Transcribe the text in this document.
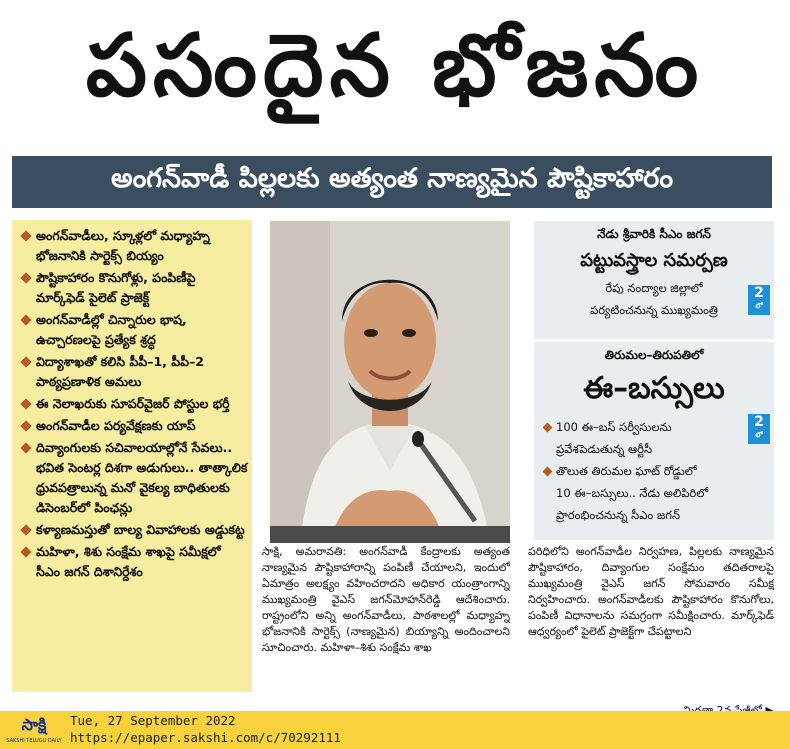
పసందైన భోజనం
అంగన్‌వాడీ పిల్లలకు అత్యంత నాణ్యమైన పౌష్టికాహారం
అంగన్‌వాడీలు, స్కూళ్లలో మధ్యాహ్న భోజనానికి సార్టెక్స్‌ బియ్యం
పౌష్టికాహారం కొనుగోళ్లు, పంపిణీపై మార్క్‌ఫెడ్‌ పైలెట్‌ ప్రాజెక్ట్‌
అంగన్‌వాడీల్లో చిన్నారుల భాష, ఉచ్చారణలపై ప్రత్యేక శ్రద్ధ
విద్యాశాఖతో కలిసి పీపీ–1, పీపీ–2 పాఠ్యప్రణాళిక అమలు
ఈ నెలాఖరుకు సూపర్‌వైజర్‌ పోస్టుల భర్తీ
అంగన్‌వాడీల పర్యవేక్షణకు యాప్‌
దివ్యాంగులకు సచివాలయాల్లోనే సేవలు.. భవిత సెంటర్ల దిశగా అడుగులు.. తాత్కాలిక ధ్రువపత్రాలున్న మనో వైకల్య బాధితులకు డిసెంబర్‌లో పింఛన్లు
కళ్యాణమస్తుతో బాల్య వివాహాలకు అడ్డుకట్ట
మహిళా, శిశు సంక్షేమ శాఖపై సమీక్షలో సీఎం జగన్‌ దిశానిర్దేశం
నేడు శ్రీవారికి సీఎం జగన్‌
పట్టువస్త్రాల సమర్పణ
రేపు నంద్యాల జిల్లాలో
పర్యటించనున్న ముఖ్యమంత్రి
2
లో
తిరుమల–తిరుపతిలో
ఈ–బస్సులు
100 ఈ–బస్‌ సర్వీసులను
ప్రవేశపెడుతున్న ఆర్టీసీ
తొలుత తిరుమల ఘాట్‌ రోడ్డులో
10 ఈ–బస్సులు.. నేడు అలిపిరిలో
ప్రారంభించనున్న సీఎం జగన్‌
2
లో
సాక్షి, అమరావతి: అంగన్‌వాడీ కేంద్రాలకు అత్యంత నాణ్యమైన పౌష్టికాహారాన్ని పంపిణీ చేయాలని, ఇందులో ఏమాత్రం అలక్ష్యం వహించరాదని అధికార యంత్రాంగాన్ని ముఖ్యమంత్రి వైఎస్‌ జగన్‌మోహన్‌రెడ్డి ఆదేశించారు. రాష్ట్రంలోని అన్ని అంగన్‌వాడీలు, పాఠశాలల్లో మధ్యాహ్న భోజనానికి సార్టెక్స్‌ (నాణ్యమైన) బియ్యాన్ని అందించాలని సూచించారు. మహిళా–శిశు సంక్షేమ శాఖ
పరిధిలోని అంగన్‌వాడీల నిర్వహణ, పిల్లలకు నాణ్యమైన పౌష్టికాహారం, దివ్యాంగుల సంక్షేమం తదితరాలపై ముఖ్యమంత్రి వైఎస్‌ జగన్‌ సోమవారం సమీక్ష నిర్వహించారు. అంగన్‌వాడీలకు పౌష్టికాహారం కొనుగోలు, పంపిణీ విధానాలను సమగ్రంగా సమీక్షించారు. మార్క్‌ఫెడ్‌ ఆధ్వర్యంలో పైలెట్‌ ప్రాజెక్ట్‌గా చేపట్టాలని
సాక్షి
SAKSHI TELUGU DAILY
Tue, 27 September 2022
https://epaper.sakshi.com/c/70292111
